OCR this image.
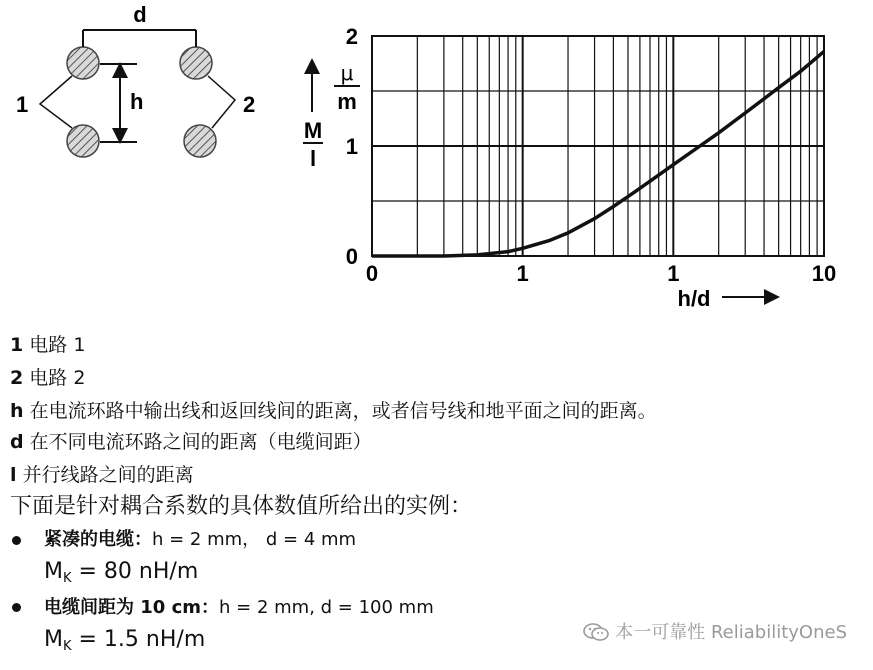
d
h
1	2
0	1	1	10
0
1
2
M
l
μ
m
h/d
1 电路 1
2 电路 2
h 在电流环路中输出线和返回线间的距离，或者信号线和地平面之间的距离。
d 在不同电流环路之间的距离（电缆间距）
l 并行线路之间的距离
下面是针对耦合系数的具体数值所给出的实例：
紧凑的电缆：h = 2 mm， d = 4 mm
$M_K = 80$ nH/m
电缆间距为 10 cm：h = 2 mm, d = 100 mm
$M_K = 1.5$ nH/m	本一可靠性 ReliabilityOneS
